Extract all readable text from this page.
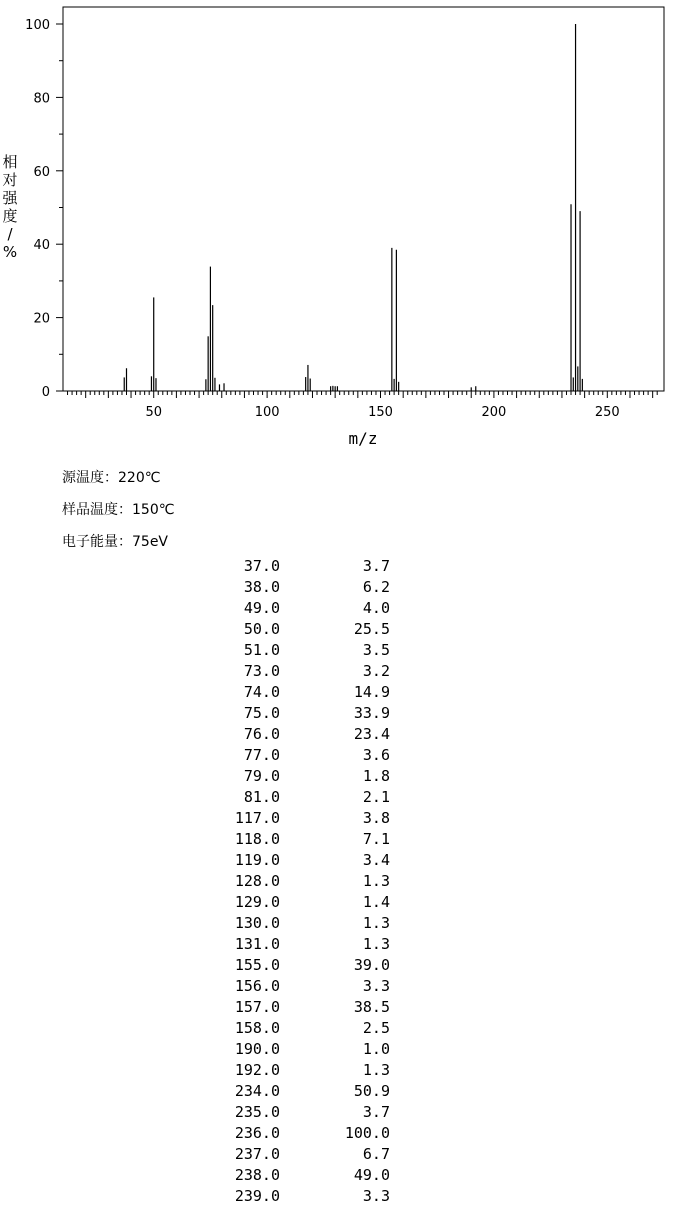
50	100	150	200	250
0
20
40
60
80
100
m/z
相对强度/ %
源温度：220℃
样品温度：150℃
电子能量：75eV
37.0	3.7
38.0	6.2
49.0	4.0
50.0	25.5
51.0	3.5
73.0	3.2
74.0	14.9
75.0	33.9
76.0	23.4
77.0	3.6
79.0	1.8
81.0	2.1
117.0	3.8
118.0	7.1
119.0	3.4
128.0	1.3
129.0	1.4
130.0	1.3
131.0	1.3
155.0	39.0
156.0	3.3
157.0	38.5
158.0	2.5
190.0	1.0
192.0	1.3
234.0	50.9
235.0	3.7
236.0	100.0
237.0	6.7
238.0	49.0
239.0	3.3
